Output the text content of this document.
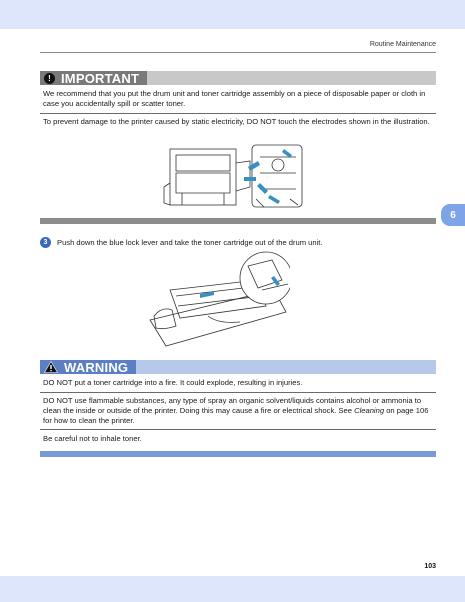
Routine Maintenance
6
! IMPORTANT
We recommend that you put the drum unit and toner cartridge assembly on a piece of disposable paper or cloth in case you accidentally spill or scatter toner.
To prevent damage to the printer caused by static electricity, DO NOT touch the electrodes shown in the illustration.
3	Push down the blue lock lever and take the toner cartridge out of the drum unit.
WARNING
DO NOT put a toner cartridge into a fire. It could explode, resulting in injuries.
DO NOT use flammable substances, any type of spray an organic solvent/liquids contains alcohol or ammonia to clean the inside or outside of the printer. Doing this may cause a fire or electrical shock. See Cleaning on page 106 for how to clean the printer.
Be careful not to inhale toner.
103
